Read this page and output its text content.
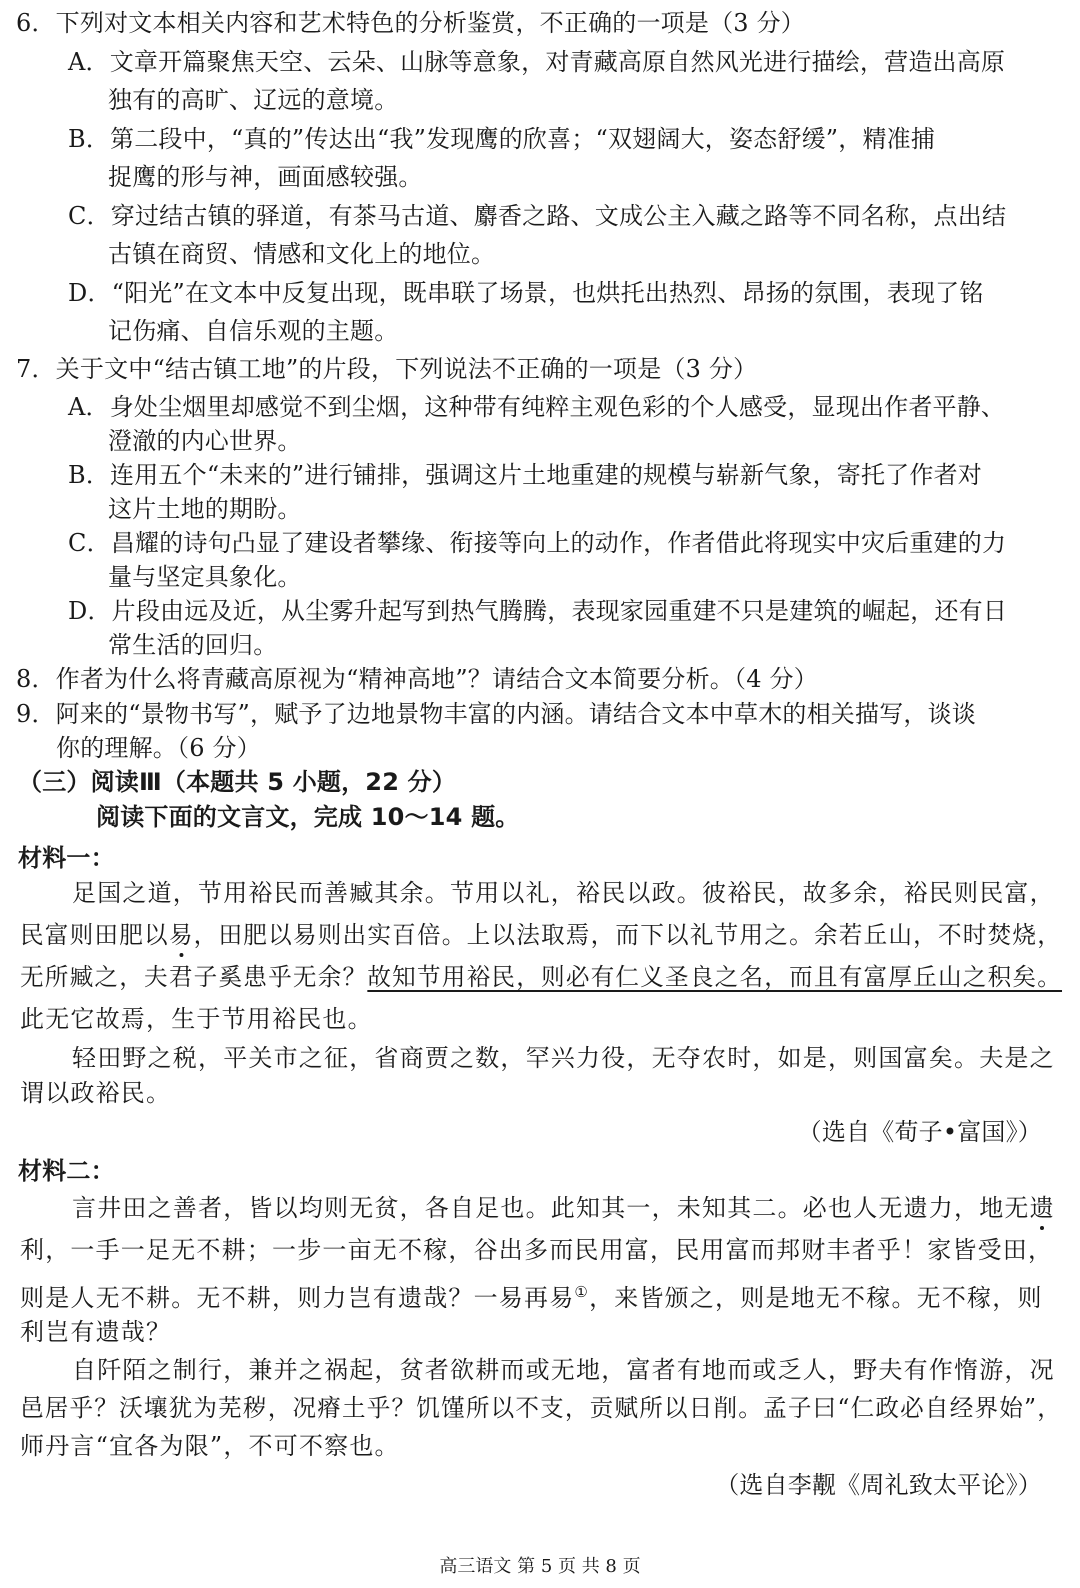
6．下列对文本相关内容和艺术特色的分析鉴赏，不正确的一项是（3 分）
A．文章开篇聚焦天空、云朵、山脉等意象，对青藏高原自然风光进行描绘，营造出高原
独有的高旷、辽远的意境。
B．第二段中，“真的”传达出“我”发现鹰的欣喜；“双翅阔大，姿态舒缓”，精准捕
捉鹰的形与神，画面感较强。
C．穿过结古镇的驿道，有茶马古道、麝香之路、文成公主入藏之路等不同名称，点出结
古镇在商贸、情感和文化上的地位。
D．“阳光”在文本中反复出现，既串联了场景，也烘托出热烈、昂扬的氛围，表现了铭
记伤痛、自信乐观的主题。
7．关于文中“结古镇工地”的片段，下列说法不正确的一项是（3 分）
A．身处尘烟里却感觉不到尘烟，这种带有纯粹主观色彩的个人感受，显现出作者平静、
澄澈的内心世界。
B．连用五个“未来的”进行铺排，强调这片土地重建的规模与崭新气象，寄托了作者对
这片土地的期盼。
C．昌耀的诗句凸显了建设者攀缘、衔接等向上的动作，作者借此将现实中灾后重建的力
量与坚定具象化。
D．片段由远及近，从尘雾升起写到热气腾腾，表现家园重建不只是建筑的崛起，还有日
常生活的回归。
8．作者为什么将青藏高原视为“精神高地”？请结合文本简要分析。（4 分）
9．阿来的“景物书写”，赋予了边地景物丰富的内涵。请结合文本中草木的相关描写，谈谈
你的理解。（6 分）
（三）阅读Ⅲ（本题共 5 小题，22 分）
阅读下面的文言文，完成 10～14 题。
材料一：
足国之道，节用裕民而善臧其余。节用以礼，裕民以政。彼裕民，故多余，裕民则民富，
民富则田肥以易，田肥以易则出实百倍。上以法取焉，而下以礼节用之。余若丘山，不时焚烧，
无所臧之，夫君子奚患乎无余？故知节用裕民，则必有仁义圣良之名，而且有富厚丘山之积矣。
此无它故焉，生于节用裕民也。
轻田野之税，平关市之征，省商贾之数，罕兴力役，无夺农时，如是，则国富矣。夫是之
谓以政裕民。
（选自《荀子•富国》）
材料二：
言井田之善者，皆以均则无贫，各自足也。此知其一，未知其二。必也人无遗力，地无遗
利，一手一足无不耕；一步一亩无不稼，谷出多而民用富，民用富而邦财丰者乎！家皆受田，
则是人无不耕。无不耕，则力岂有遗哉？一易再易①，来皆颁之，则是地无不稼。无不稼，则
利岂有遗哉？
自阡陌之制行，兼并之祸起，贫者欲耕而或无地，富者有地而或乏人，野夫有作惰游，况
邑居乎？沃壤犹为芜秽，况瘠土乎？饥馑所以不支，贡赋所以日削。孟子曰“仁政必自经界始”，
师丹言“宜各为限”，不可不察也。
（选自李觏《周礼致太平论》）
高三语文 第 5 页 共 8 页
